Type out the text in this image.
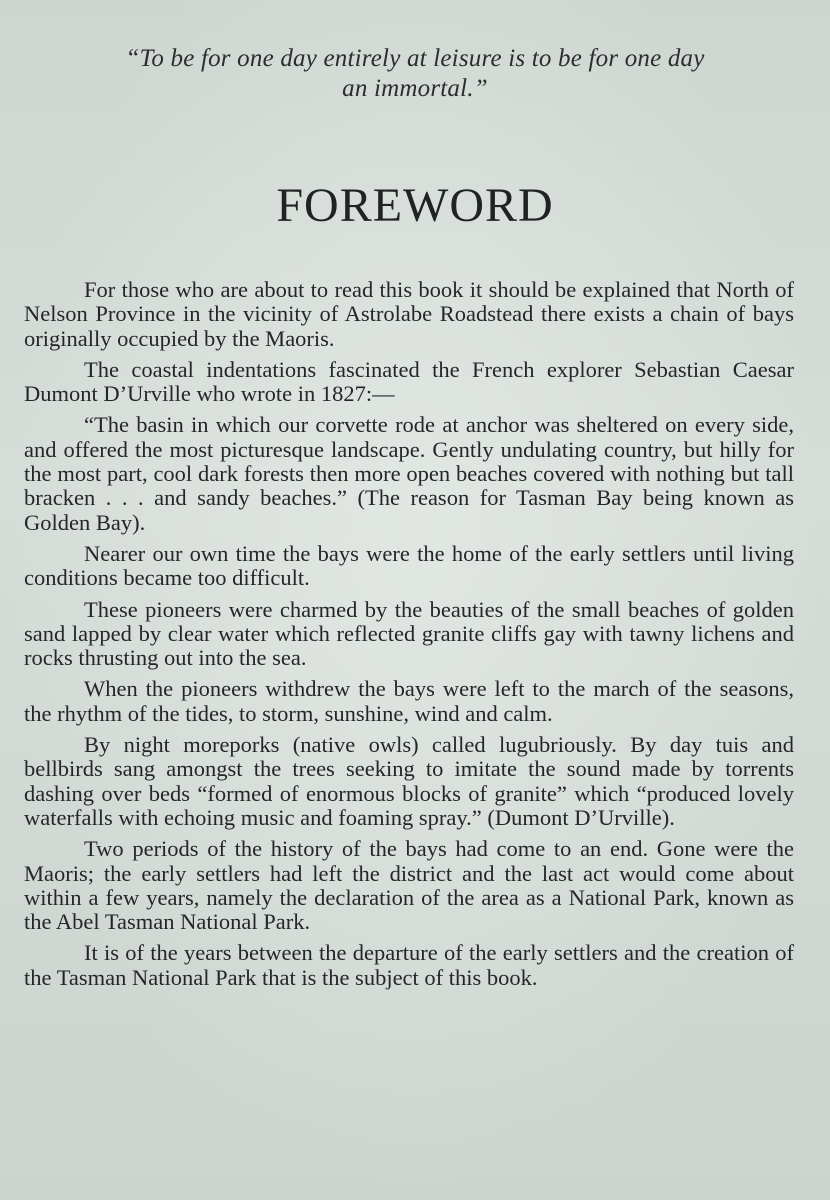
“To be for one day entirely at leisure is to be for one day
an immortal.”
FOREWORD

For those who are about to read this book it should be explained that North of Nelson Province in the vicinity of Astrolabe Roadstead there exists a chain of bays originally occupied by the Maoris.

The coastal indentations fascinated the French explorer Sebastian Caesar Dumont D’Urville who wrote in 1827:—

“The basin in which our corvette rode at anchor was sheltered on every side, and offered the most picturesque landscape. Gently undulating country, but hilly for the most part, cool dark forests then more open beaches covered with nothing but tall bracken . . . and sandy beaches.” (The reason for Tasman Bay being known as Golden Bay).

Nearer our own time the bays were the home of the early settlers until living conditions became too difficult.

These pioneers were charmed by the beauties of the small beaches of golden sand lapped by clear water which reflected granite cliffs gay with tawny lichens and rocks thrusting out into the sea.

When the pioneers withdrew the bays were left to the march of the seasons, the rhythm of the tides, to storm, sunshine, wind and calm.

By night moreporks (native owls) called lugubriously. By day tuis and bellbirds sang amongst the trees seeking to imitate the sound made by torrents dashing over beds “formed of enormous blocks of granite” which “produced lovely waterfalls with echoing music and foaming spray.” (Dumont D’Urville).

Two periods of the history of the bays had come to an end. Gone were the Maoris; the early settlers had left the district and the last act would come about within a few years, namely the declaration of the area as a National Park, known as the Abel Tasman National Park.

It is of the years between the departure of the early settlers and the creation of the Tasman National Park that is the subject of this book.
